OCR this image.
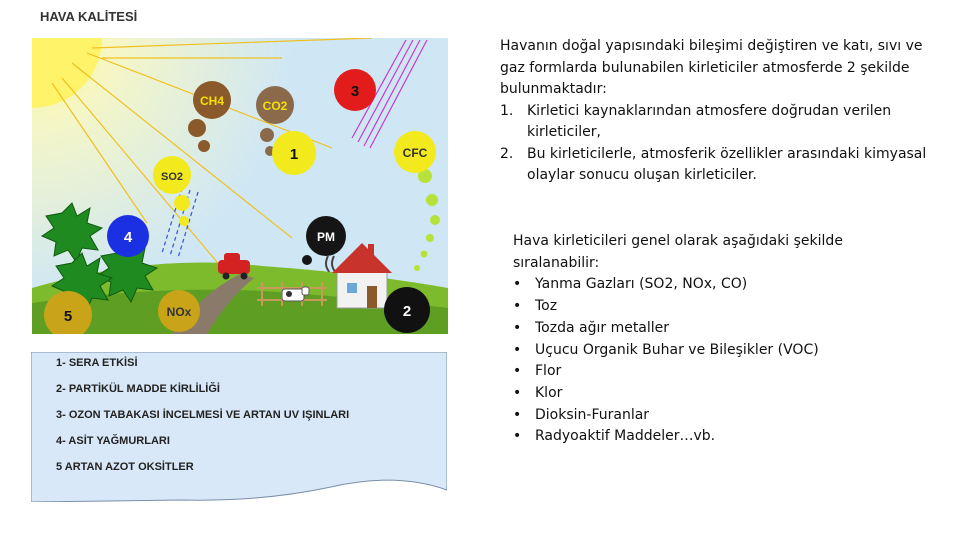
HAVA KALİTESİ
CH4	CO2
SO2
CFC
PM
1
2
3
4
5	NOx
1- SERA ETKİSİ
2- PARTİKÜL MADDE KİRLİLİĞİ
3- OZON TABAKASI İNCELMESİ VE ARTAN UV IŞINLARI
4- ASİT YAĞMURLARI
5 ARTAN AZOT OKSİTLER

Havanın doğal yapısındaki bileşimi değiştiren ve katı, sıvı ve gaz formlarda bulunabilen kirleticiler atmosferde 2 şekilde bulunmaktadır:

1. Kirletici kaynaklarından atmosfere doğrudan verilen kirleticiler,
2. Bu kirleticilerle, atmosferik özellikler arasındaki kimyasal olaylar sonucu oluşan kirleticiler.

Hava kirleticileri genel olarak aşağıdaki şekilde sıralanabilir:

• Yanma Gazları (SO2, NOx, CO)
• Toz
• Tozda ağır metaller
• Uçucu Organik Buhar ve Bileşikler (VOC)
• Flor
• Klor
• Dioksin-Furanlar
• Radyoaktif Maddeler…vb.
